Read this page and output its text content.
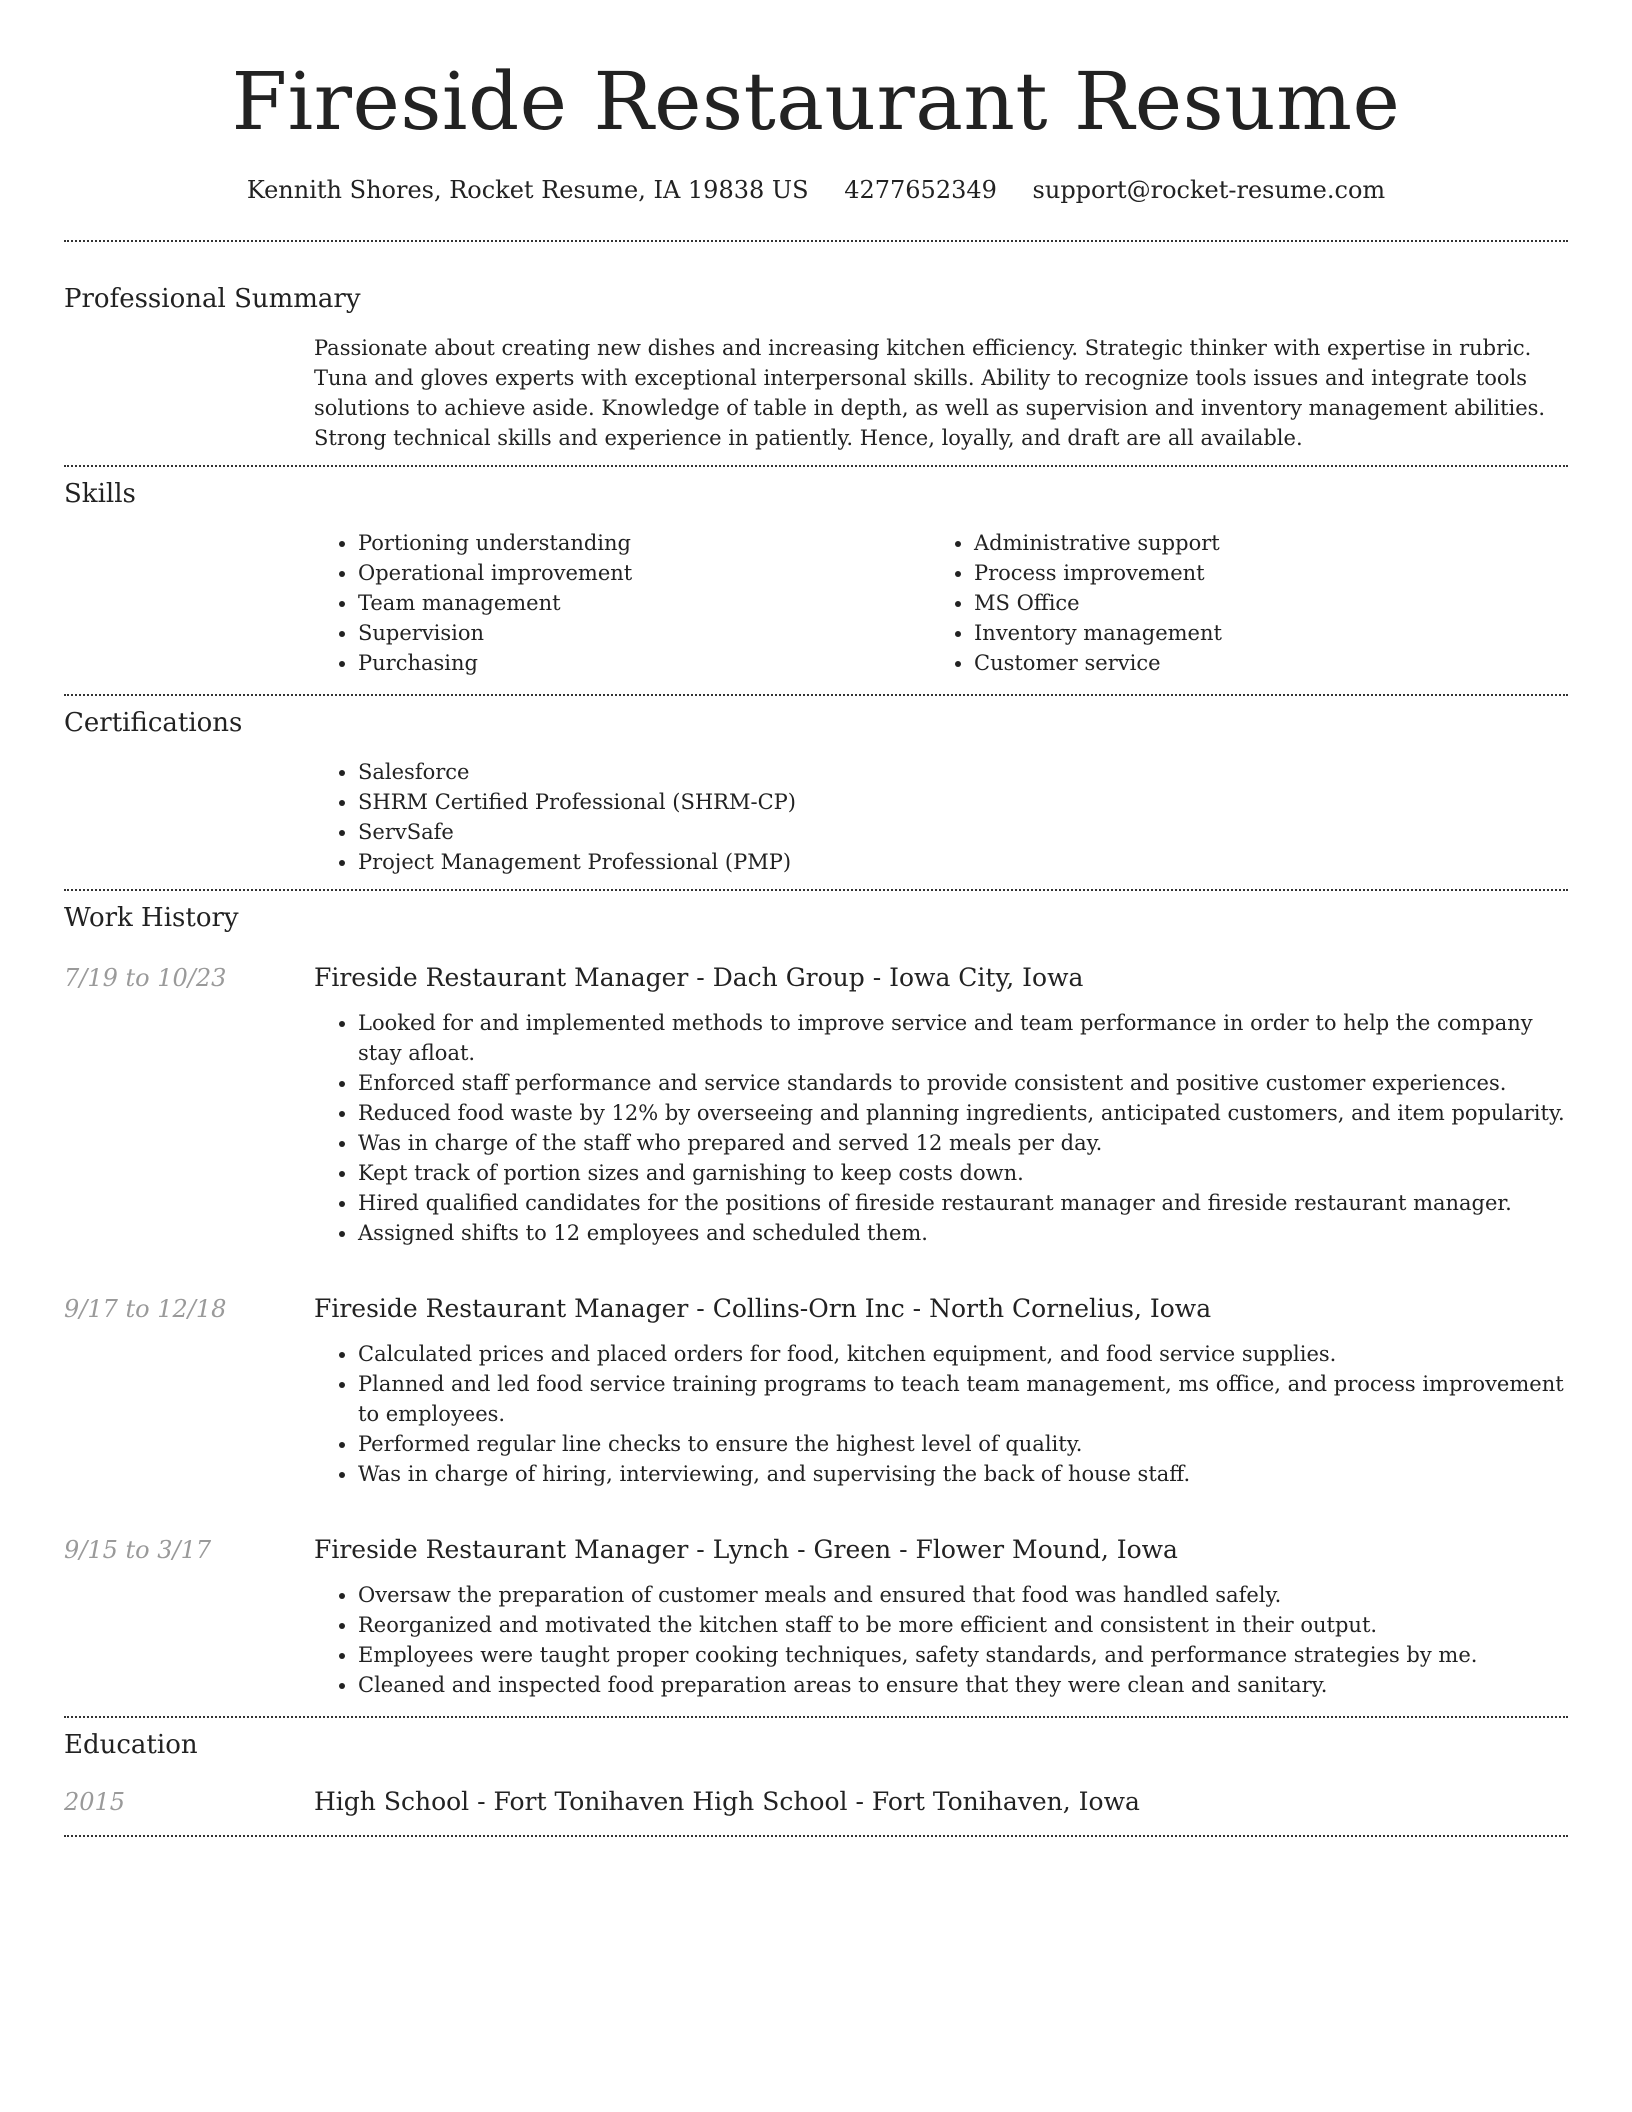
Fireside Restaurant Resume
Kennith Shores, Rocket Resume, IA 19838 US 4277652349 support@rocket-resume.com
Professional Summary

Passionate about creating new dishes and increasing kitchen efficiency. Strategic thinker with expertise in rubric. Tuna and gloves experts with exceptional interpersonal skills. Ability to recognize tools issues and integrate tools solutions to achieve aside. Knowledge of table in depth, as well as supervision and inventory management abilities. Strong technical skills and experience in patiently. Hence, loyally, and draft are all available.

Skills
• Portioning understanding
• Operational improvement
• Team management
• Supervision
• Purchasing
• Administrative support
• Process improvement
• MS Office
• Inventory management
• Customer service
Certifications
• Salesforce
• SHRM Certified Professional (SHRM-CP)
• ServSafe
• Project Management Professional (PMP)
Work History
7/19 to 10/23	Fireside Restaurant Manager - Dach Group - Iowa City, Iowa
• Looked for and implemented methods to improve service and team performance in order to help the company stay afloat.
• Enforced staff performance and service standards to provide consistent and positive customer experiences.
• Reduced food waste by 12% by overseeing and planning ingredients, anticipated customers, and item popularity.
• Was in charge of the staff who prepared and served 12 meals per day.
• Kept track of portion sizes and garnishing to keep costs down.
• Hired qualified candidates for the positions of fireside restaurant manager and fireside restaurant manager.
• Assigned shifts to 12 employees and scheduled them.
9/17 to 12/18	Fireside Restaurant Manager - Collins-Orn Inc - North Cornelius, Iowa
• Calculated prices and placed orders for food, kitchen equipment, and food service supplies.
• Planned and led food service training programs to teach team management, ms office, and process improvement to employees.
• Performed regular line checks to ensure the highest level of quality.
• Was in charge of hiring, interviewing, and supervising the back of house staff.
9/15 to 3/17	Fireside Restaurant Manager - Lynch - Green - Flower Mound, Iowa
• Oversaw the preparation of customer meals and ensured that food was handled safely.
• Reorganized and motivated the kitchen staff to be more efficient and consistent in their output.
• Employees were taught proper cooking techniques, safety standards, and performance strategies by me.
• Cleaned and inspected food preparation areas to ensure that they were clean and sanitary.
Education
2015	High School - Fort Tonihaven High School - Fort Tonihaven, Iowa
